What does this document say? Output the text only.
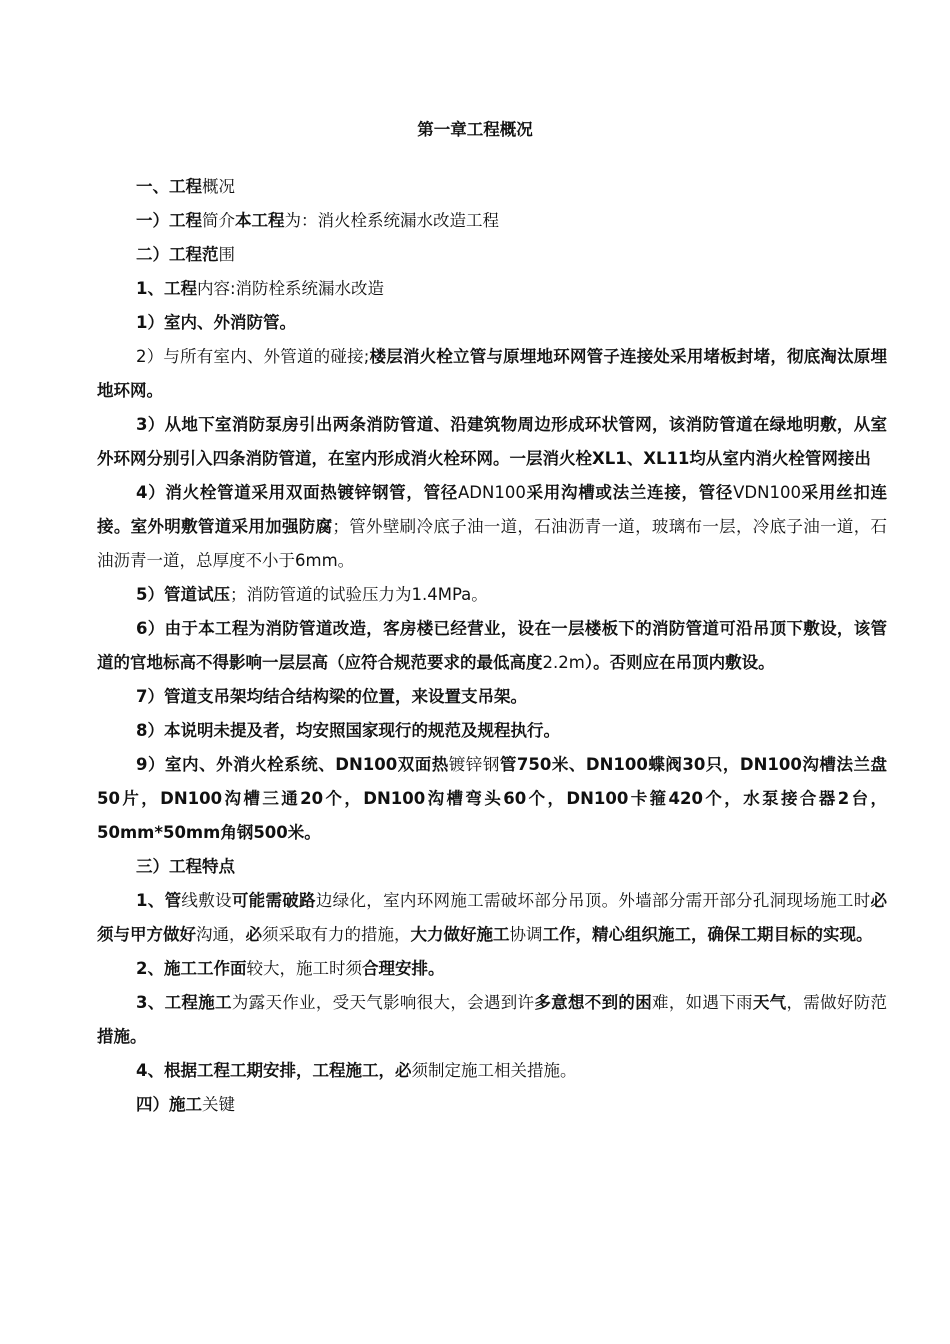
第一章工程概况

一、工程概况

一）工程简介本工程为：消火栓系统漏水改造工程

二）工程范围

1、工程内容:消防栓系统漏水改造

1）室内、外消防管。

2）与所有室内、外管道的碰接;楼层消火栓立管与原埋地环网管子连接处采用堵板封堵，彻底淘汰原埋地环网。

3）从地下室消防泵房引出两条消防管道、沿建筑物周边形成环状管网，该消防管道在绿地明敷，从室外环网分别引入四条消防管道，在室内形成消火栓环网。一层消火栓XL1、XL11均从室内消火栓管网接出

4）消火栓管道采用双面热镀锌钢管，管径ADN100采用沟槽或法兰连接，管径VDN100采用丝扣连接。室外明敷管道采用加强防腐；管外壁刷冷底子油一道，石油沥青一道，玻璃布一层，冷底子油一道，石油沥青一道，总厚度不小于6mm。

5）管道试压；消防管道的试验压力为1.4MPa。

6）由于本工程为消防管道改造，客房楼已经营业，设在一层楼板下的消防管道可沿吊顶下敷设，该管道的官地标高不得影响一层层高（应符合规范要求的最低高度2.2m）。否则应在吊顶内敷设。

7）管道支吊架均结合结构梁的位置，来设置支吊架。

8）本说明未提及者，均安照国家现行的规范及规程执行。

9）室内、外消火栓系统、DN100双面热镀锌钢管750米、DN100蝶阀30只，DN100沟槽法兰盘50片，DN100沟槽三通20个，DN100沟槽弯头60个，DN100卡箍420个，水泵接合器2台，50mm*50mm角钢500米。

三）工程特点

1、管线敷设可能需破路边绿化，室内环网施工需破坏部分吊顶。外墙部分需开部分孔洞现场施工时必须与甲方做好沟通，必须采取有力的措施，大力做好施工协调工作，精心组织施工，确保工期目标的实现。

2、施工工作面较大，施工时须合理安排。

3、工程施工为露天作业，受天气影响很大，会遇到许多意想不到的困难，如遇下雨天气，需做好防范措施。

4、根据工程工期安排，工程施工，必须制定施工相关措施。

四）施工关键
